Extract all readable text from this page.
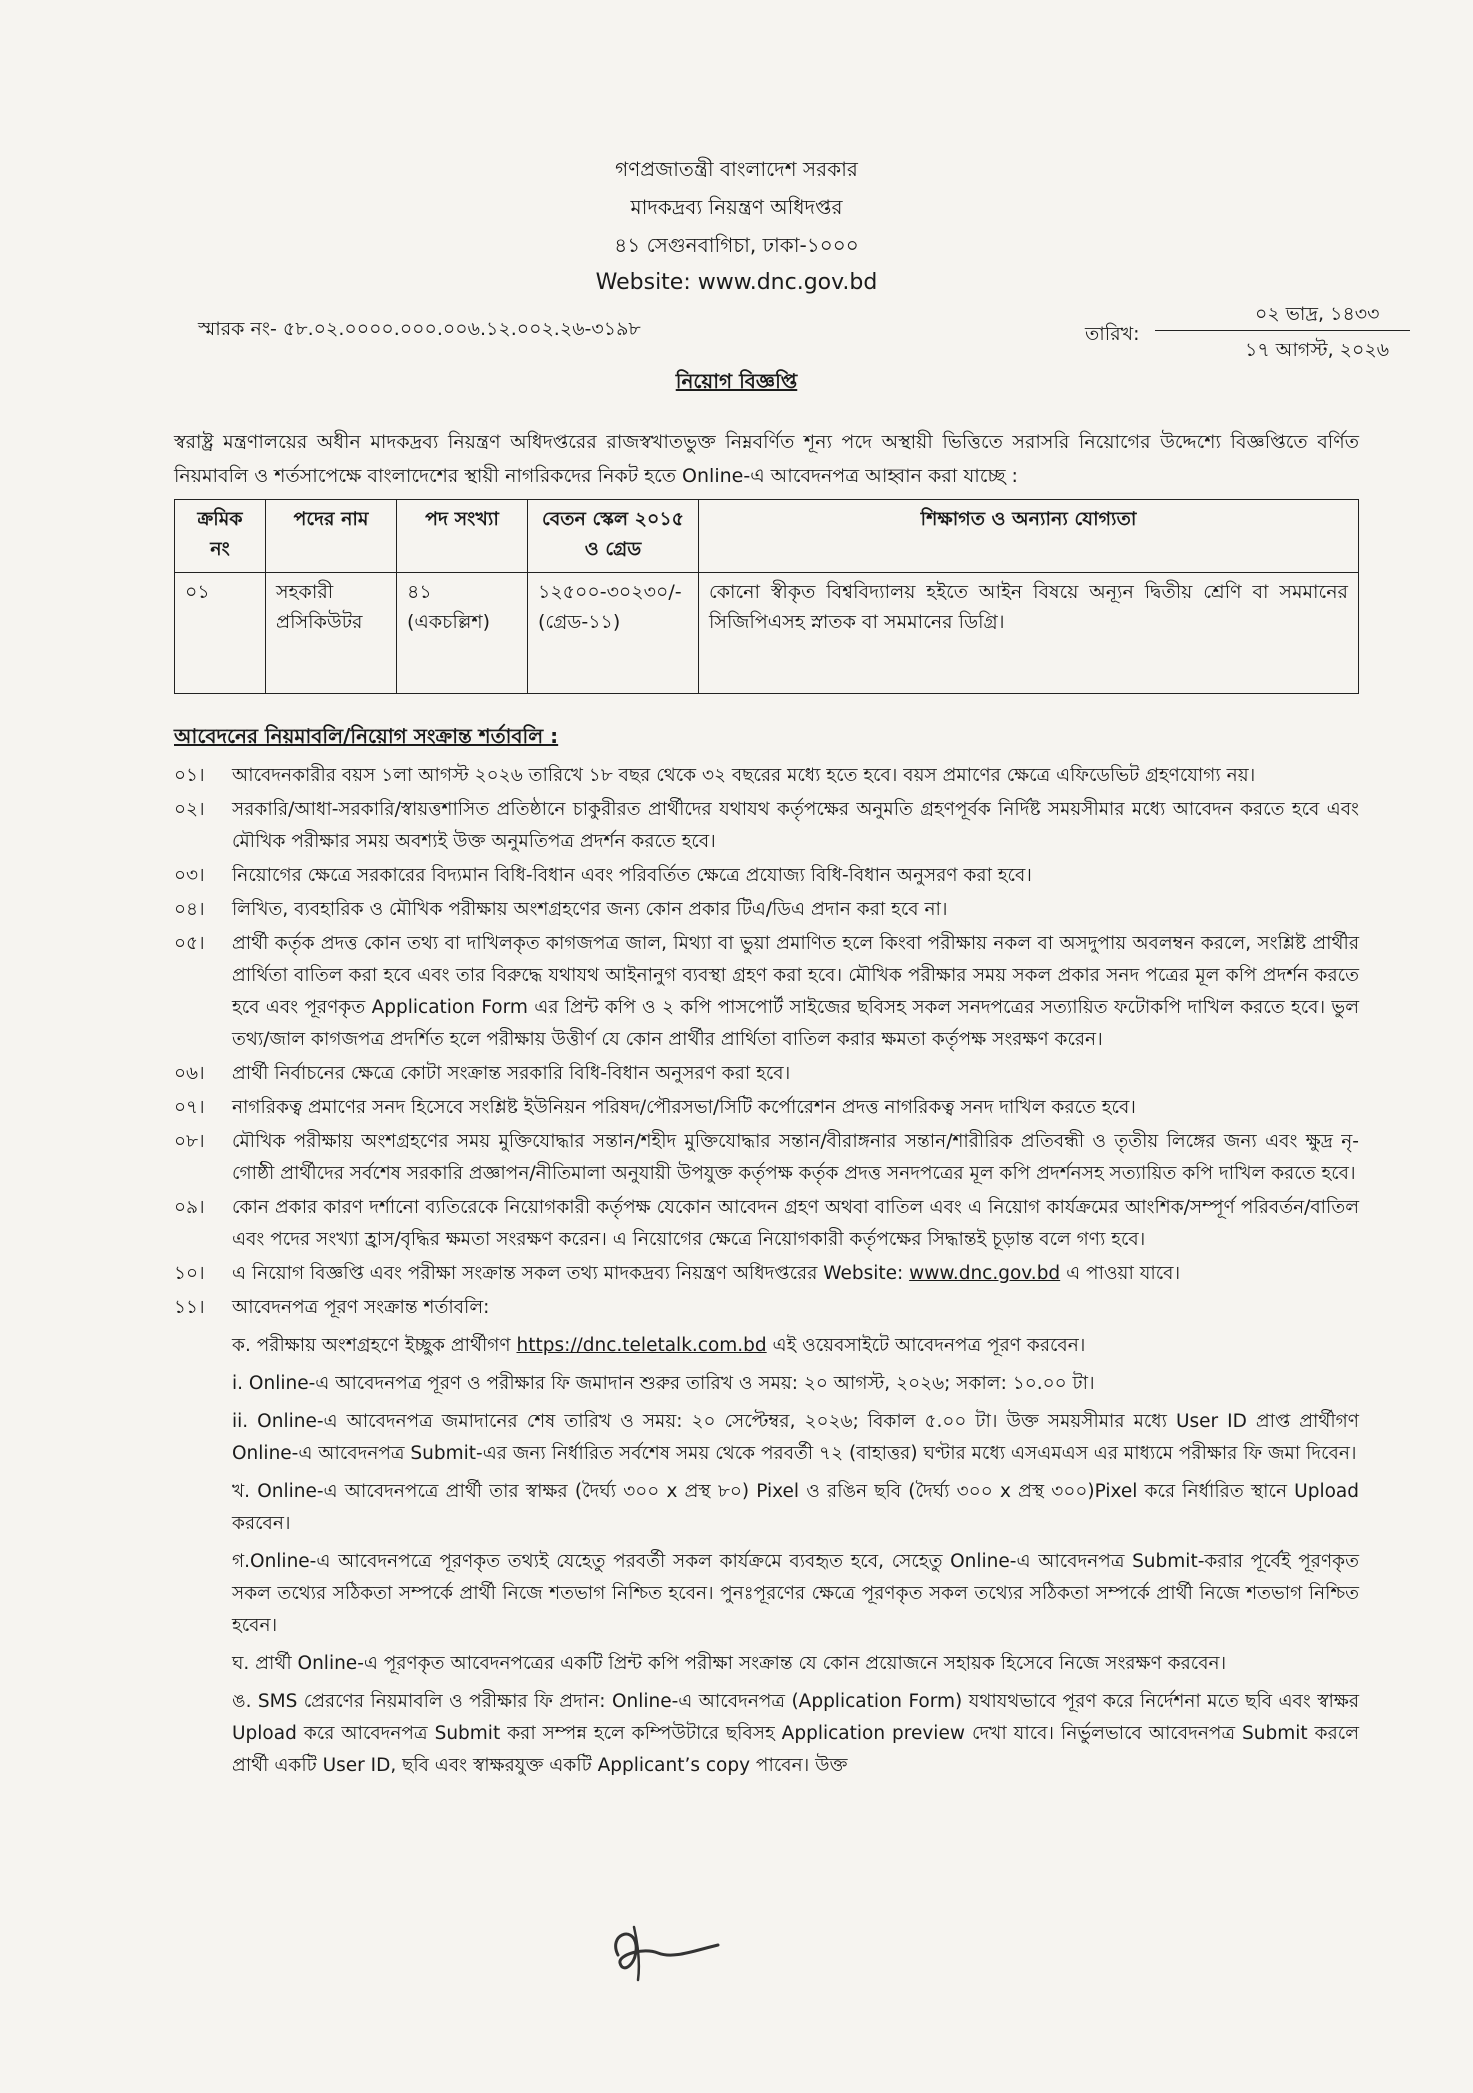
গণপ্রজাতন্ত্রী বাংলাদেশ সরকার
মাদকদ্রব্য নিয়ন্ত্রণ অধিদপ্তর
৪১ সেগুনবাগিচা, ঢাকা-১০০০
Website: www.dnc.gov.bd
স্মারক নং- ৫৮.০২.০০০০.০০০.০০৬.১২.০০২.২৬-৩১৯৮	তারিখ:
০২ ভাদ্র, ১৪৩৩
১৭ আগস্ট, ২০২৬
নিয়োগ বিজ্ঞপ্তি
স্বরাষ্ট্র মন্ত্রণালয়ের অধীন মাদকদ্রব্য নিয়ন্ত্রণ অধিদপ্তরের রাজস্বখাতভুক্ত নিম্নবর্ণিত শূন্য পদে অস্থায়ী ভিত্তিতে সরাসরি নিয়োগের উদ্দেশ্যে বিজ্ঞপ্তিতে বর্ণিত নিয়মাবলি ও শর্তসাপেক্ষে বাংলাদেশের স্থায়ী নাগরিকদের নিকট হতে Online-এ আবেদনপত্র আহ্বান করা যাচ্ছে :
ক্রমিক নং	পদের নাম	পদ সংখ্যা	বেতন স্কেল ২০১৫ ও গ্রেড	শিক্ষাগত ও অন্যান্য যোগ্যতা
০১	সহকারী প্রসিকিউটর	৪১ (একচল্লিশ)	১২৫০০-৩০২৩০/- (গ্রেড-১১)	কোনো স্বীকৃত বিশ্ববিদ্যালয় হইতে আইন বিষয়ে অন্যূন দ্বিতীয় শ্রেণি বা সমমানের সিজিপিএসহ স্নাতক বা সমমানের ডিগ্রি।
আবেদনের নিয়মাবলি/নিয়োগ সংক্রান্ত শর্তাবলি :
০১।	আবেদনকারীর বয়স ১লা আগস্ট ২০২৬ তারিখে ১৮ বছর থেকে ৩২ বছরের মধ্যে হতে হবে। বয়স প্রমাণের ক্ষেত্রে এফিডেভিট গ্রহণযোগ্য নয়।
০২।	সরকারি/আধা-সরকারি/স্বায়ত্তশাসিত প্রতিষ্ঠানে চাকুরীরত প্রার্থীদের যথাযথ কর্তৃপক্ষের অনুমতি গ্রহণপূর্বক নির্দিষ্ট সময়সীমার মধ্যে আবেদন করতে হবে এবং মৌখিক পরীক্ষার সময় অবশ্যই উক্ত অনুমতিপত্র প্রদর্শন করতে হবে।
০৩।	নিয়োগের ক্ষেত্রে সরকারের বিদ্যমান বিধি-বিধান এবং পরিবর্তিত ক্ষেত্রে প্রযোজ্য বিধি-বিধান অনুসরণ করা হবে।
০৪।	লিখিত, ব্যবহারিক ও মৌখিক পরীক্ষায় অংশগ্রহণের জন্য কোন প্রকার টিএ/ডিএ প্রদান করা হবে না।
০৫।	প্রার্থী কর্তৃক প্রদত্ত কোন তথ্য বা দাখিলকৃত কাগজপত্র জাল, মিথ্যা বা ভুয়া প্রমাণিত হলে কিংবা পরীক্ষায় নকল বা অসদুপায় অবলম্বন করলে, সংশ্লিষ্ট প্রার্থীর প্রার্থিতা বাতিল করা হবে এবং তার বিরুদ্ধে যথাযথ আইনানুগ ব্যবস্থা গ্রহণ করা হবে। মৌখিক পরীক্ষার সময় সকল প্রকার সনদ পত্রের মূল কপি প্রদর্শন করতে হবে এবং পূরণকৃত Application Form এর প্রিন্ট কপি ও ২ কপি পাসপোর্ট সাইজের ছবিসহ সকল সনদপত্রের সত্যায়িত ফটোকপি দাখিল করতে হবে। ভুল তথ্য/জাল কাগজপত্র প্রদর্শিত হলে পরীক্ষায় উত্তীর্ণ যে কোন প্রার্থীর প্রার্থিতা বাতিল করার ক্ষমতা কর্তৃপক্ষ সংরক্ষণ করেন।
০৬।	প্রার্থী নির্বাচনের ক্ষেত্রে কোটা সংক্রান্ত সরকারি বিধি-বিধান অনুসরণ করা হবে।
০৭।	নাগরিকত্ব প্রমাণের সনদ হিসেবে সংশ্লিষ্ট ইউনিয়ন পরিষদ/পৌরসভা/সিটি কর্পোরেশন প্রদত্ত নাগরিকত্ব সনদ দাখিল করতে হবে।
০৮।	মৌখিক পরীক্ষায় অংশগ্রহণের সময় মুক্তিযোদ্ধার সন্তান/শহীদ মুক্তিযোদ্ধার সন্তান/বীরাঙ্গনার সন্তান/শারীরিক প্রতিবন্ধী ও তৃতীয় লিঙ্গের জন্য এবং ক্ষুদ্র নৃ-গোষ্ঠী প্রার্থীদের সর্বশেষ সরকারি প্রজ্ঞাপন/নীতিমালা অনুযায়ী উপযুক্ত কর্তৃপক্ষ কর্তৃক প্রদত্ত সনদপত্রের মূল কপি প্রদর্শনসহ সত্যায়িত কপি দাখিল করতে হবে।
০৯।	কোন প্রকার কারণ দর্শানো ব্যতিরেকে নিয়োগকারী কর্তৃপক্ষ যেকোন আবেদন গ্রহণ অথবা বাতিল এবং এ নিয়োগ কার্যক্রমের আংশিক/সম্পূর্ণ পরিবর্তন/বাতিল এবং পদের সংখ্যা হ্রাস/বৃদ্ধির ক্ষমতা সংরক্ষণ করেন। এ নিয়োগের ক্ষেত্রে নিয়োগকারী কর্তৃপক্ষের সিদ্ধান্তই চূড়ান্ত বলে গণ্য হবে।
১০।	এ নিয়োগ বিজ্ঞপ্তি এবং পরীক্ষা সংক্রান্ত সকল তথ্য মাদকদ্রব্য নিয়ন্ত্রণ অধিদপ্তরের Website: www.dnc.gov.bd এ পাওয়া যাবে।
১১।	আবেদনপত্র পূরণ সংক্রান্ত শর্তাবলি:
ক. পরীক্ষায় অংশগ্রহণে ইচ্ছুক প্রার্থীগণ https://dnc.teletalk.com.bd এই ওয়েবসাইটে আবেদনপত্র পূরণ করবেন।
i. Online-এ আবেদনপত্র পূরণ ও পরীক্ষার ফি জমাদান শুরুর তারিখ ও সময়: ২০ আগস্ট, ২০২৬; সকাল: ১০.০০ টা।
ii. Online-এ আবেদনপত্র জমাদানের শেষ তারিখ ও সময়: ২০ সেপ্টেম্বর, ২০২৬; বিকাল ৫.০০ টা। উক্ত সময়সীমার মধ্যে User ID প্রাপ্ত প্রার্থীগণ Online-এ আবেদনপত্র Submit-এর জন্য নির্ধারিত সর্বশেষ সময় থেকে পরবর্তী ৭২ (বাহাত্তর) ঘণ্টার মধ্যে এসএমএস এর মাধ্যমে পরীক্ষার ফি জমা দিবেন।
খ. Online-এ আবেদনপত্রে প্রার্থী তার স্বাক্ষর (দৈর্ঘ্য ৩০০ x প্রস্থ ৮০) Pixel ও রঙিন ছবি (দৈর্ঘ্য ৩০০ x প্রস্থ ৩০০)Pixel করে নির্ধারিত স্থানে Upload করবেন।
গ.Online-এ আবেদনপত্রে পূরণকৃত তথ্যই যেহেতু পরবর্তী সকল কার্যক্রমে ব্যবহৃত হবে, সেহেতু Online-এ আবেদনপত্র Submit-করার পূর্বেই পূরণকৃত সকল তথ্যের সঠিকতা সম্পর্কে প্রার্থী নিজে শতভাগ নিশ্চিত হবেন। পুনঃপূরণের ক্ষেত্রে পূরণকৃত সকল তথ্যের সঠিকতা সম্পর্কে প্রার্থী নিজে শতভাগ নিশ্চিত হবেন।
ঘ. প্রার্থী Online-এ পূরণকৃত আবেদনপত্রের একটি প্রিন্ট কপি পরীক্ষা সংক্রান্ত যে কোন প্রয়োজনে সহায়ক হিসেবে নিজে সংরক্ষণ করবেন।
ঙ. SMS প্রেরণের নিয়মাবলি ও পরীক্ষার ফি প্রদান: Online-এ আবেদনপত্র (Application Form) যথাযথভাবে পূরণ করে নির্দেশনা মতে ছবি এবং স্বাক্ষর Upload করে আবেদনপত্র Submit করা সম্পন্ন হলে কম্পিউটারে ছবিসহ Application preview দেখা যাবে। নির্ভুলভাবে আবেদনপত্র Submit করলে প্রার্থী একটি User ID, ছবি এবং স্বাক্ষরযুক্ত একটি Applicant’s copy পাবেন। উক্ত
